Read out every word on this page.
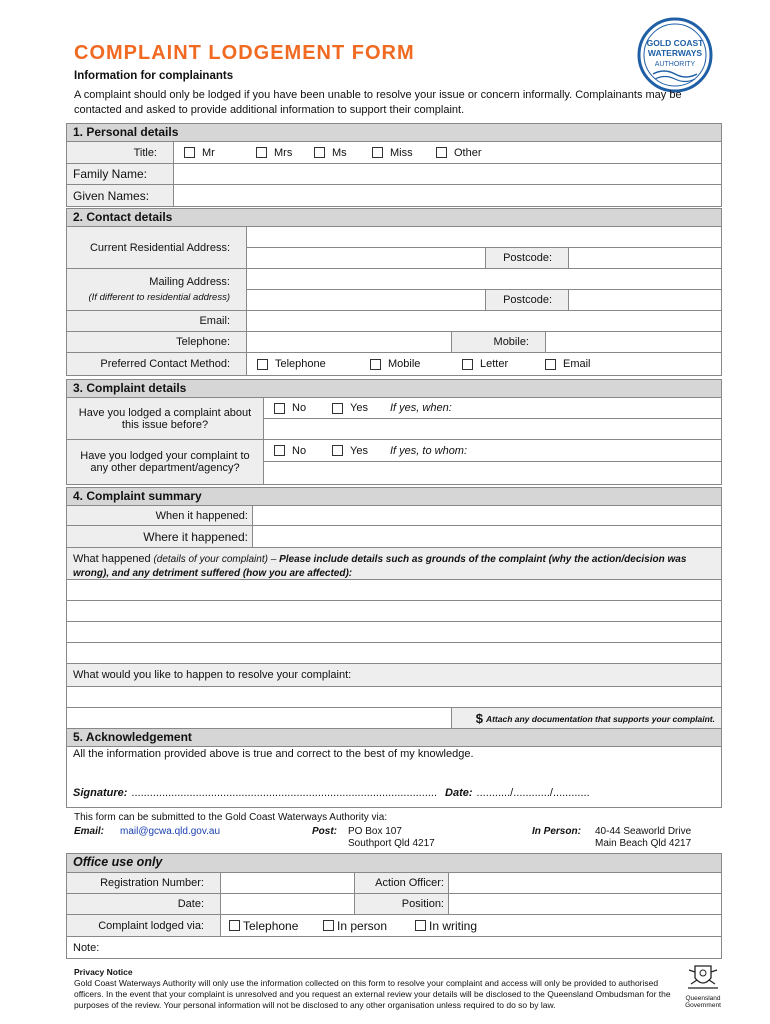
COMPLAINT LODGEMENT FORM	GOLD COAST
WATERWAYS
AUTHORITY
Information for complainants
A complaint should only be lodged if you have been unable to resolve your issue or concern informally. Complainants may be contacted and asked to provide additional information to support their complaint.
1. Personal details
Title:	Mr	Mrs	Ms	Miss	Other
Family Name:
Given Names:
2. Contact details
Current Residential Address:
Postcode:
Mailing Address:
(If different to residential address)	Postcode:
Email:
Telephone:	Mobile:
Preferred Contact Method:	Telephone	Mobile	Letter	Email
3. Complaint details
Have you lodged a complaint about this issue before?
No	Yes If yes, when:
Have you lodged your complaint to any other department/agency?
No	Yes If yes, to whom:
4. Complaint summary
When it happened:
Where it happened:
What happened (details of your complaint) – Please include details such as grounds of the complaint (why the action/decision was wrong), and any detriment suffered (how you are affected):
What would you like to happen to resolve your complaint:
$ Attach any documentation that supports your complaint.
5. Acknowledgement
All the information provided above is true and correct to the best of my knowledge.
Signature: .................................................................................................... Date: .........../............/............
This form can be submitted to the Gold Coast Waterways Authority via:
Email: mail@gcwa.qld.gov.au	Post: PO Box 107
Southport Qld 4217
In Person: 40-44 Seaworld Drive
Main Beach Qld 4217
Office use only
Registration Number:	Action Officer:
Date:	Position:
Complaint lodged via:	Telephone	In person	In writing
Note:
Privacy Notice
Gold Coast Waterways Authority will only use the information collected on this form to resolve your complaint and access will only be provided to authorised officers. In the event that your complaint is unresolved and you request an external review your details will be disclosed to the Queensland Ombudsman for the purposes of the review. Your personal information will not be disclosed to any other organisation unless required to do so by law.
Queensland
Government
